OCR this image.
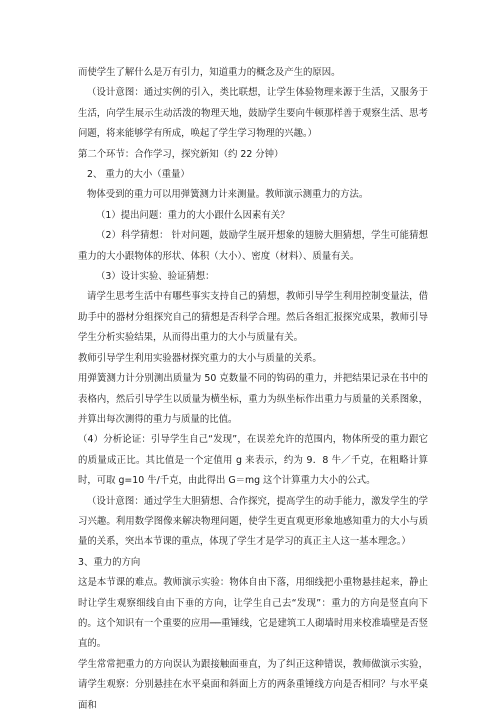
而使学生了解什么是万有引力，知道重力的概念及产生的原因。

（设计意图：通过实例的引入，类比联想，让学生体验物理来源于生活，又服务于生活，向学生展示生动活泼的物理天地，鼓励学生要向牛顿那样善于观察生活、思考问题，将来能够学有所成，唤起了学生学习物理的兴趣。）

第二个环节：合作学习，探究新知（约 22 分钟）

2、 重力的大小（重量）

物体受到的重力可以用弹簧测力计来测量。教师演示测重力的方法。

（1）提出问题：重力的大小跟什么因素有关？

（2）科学猜想： 针对问题，鼓励学生展开想象的翅膀大胆猜想，学生可能猜想重力的大小跟物体的形状、体积（大小）、密度（材料）、质量有关。

（3）设计实验、验证猜想：

请学生思考生活中有哪些事实支持自己的猜想，教师引导学生利用控制变量法，借助手中的器材分组探究自己的猜想是否科学合理。然后各组汇报探究成果，教师引导学生分析实验结果，从而得出重力的大小与质量有关。

教师引导学生利用实验器材探究重力的大小与质量的关系。

用弹簧测力计分别测出质量为 50 克数量不同的钩码的重力，并把结果记录在书中的表格内，然后引导学生以质量为横坐标，重力为纵坐标作出重力与质量的关系图象，并算出每次测得的重力与质量的比值。

（4）分析论证：引导学生自己“发现”，在误差允许的范围内，物体所受的重力跟它的质量成正比。其比值是一个定值用 g 来表示，约为 9．8 牛／千克，在粗略计算时，可取 g=10 牛/千克，由此得出 G＝mg 这个计算重力大小的公式。

（设计意图：通过学生大胆猜想、合作探究，提高学生的动手能力，激发学生的学习兴趣。利用数学图像来解决物理问题，使学生更直观更形象地感知重力的大小与质量的关系，突出本节课的重点，体现了学生才是学习的真正主人这一基本理念。）

3、重力的方向

这是本节课的难点。教师演示实验：物体自由下落，用细线把小重物悬挂起来，静止时让学生观察细线自由下垂的方向，让学生自己去“发现”：重力的方向是竖直向下的。这个知识有一个重要的应用──重锤线，它是建筑工人砌墙时用来校准墙壁是否竖直的。

学生常常把重力的方向误认为跟接触面垂直，为了纠正这种错误，教师做演示实验，请学生观察：分别悬挂在水平桌面和斜面上方的两条重锤线方向是否相同？与水平桌面和
